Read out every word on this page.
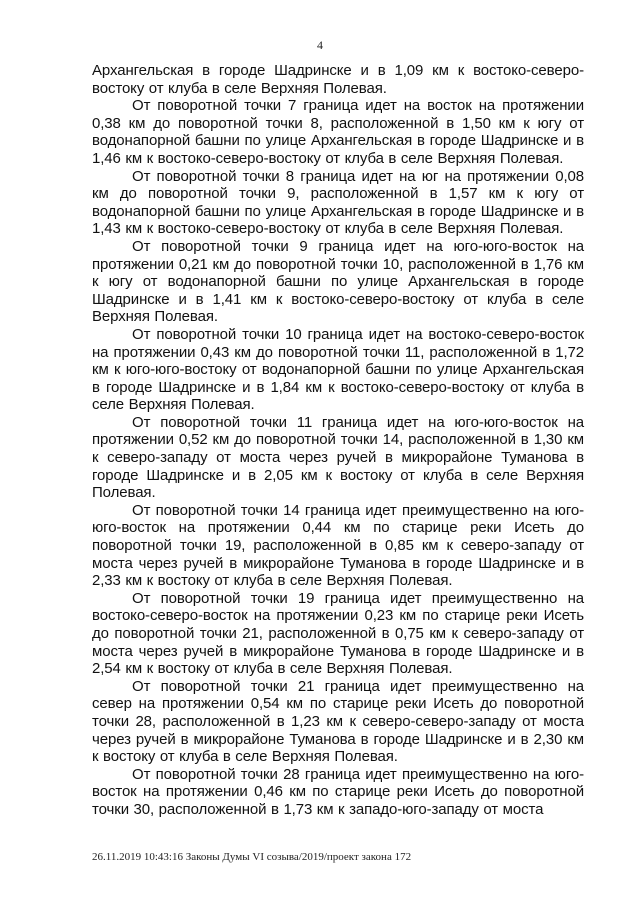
4

Архангельская в городе Шадринске и в 1,09 км к востоко-северо-востоку от клуба в селе Верхняя Полевая.

От поворотной точки 7 граница идет на восток на протяжении 0,38 км до поворотной точки 8, расположенной в 1,50 км к югу от водонапорной башни по улице Архангельская в городе Шадринске и в 1,46 км к востоко-северо-востоку от клуба в селе Верхняя Полевая.

От поворотной точки 8 граница идет на юг на протяжении 0,08 км до поворотной точки 9, расположенной в 1,57 км к югу от водонапорной башни по улице Архангельская в городе Шадринске и в 1,43 км к востоко-северо-востоку от клуба в селе Верхняя Полевая.

От поворотной точки 9 граница идет на юго-юго-восток на протяжении 0,21 км до поворотной точки 10, расположенной в 1,76 км к югу от водонапорной башни по улице Архангельская в городе Шадринске и в 1,41 км к востоко-северо-востоку от клуба в селе Верхняя Полевая.

От поворотной точки 10 граница идет на востоко-северо-восток на протяжении 0,43 км до поворотной точки 11, расположенной в 1,72 км к юго-юго-востоку от водонапорной башни по улице Архангельская в городе Шадринске и в 1,84 км к востоко-северо-востоку от клуба в селе Верхняя Полевая.

От поворотной точки 11 граница идет на юго-юго-восток на протяжении 0,52 км до поворотной точки 14, расположенной в 1,30 км к северо-западу от моста через ручей в микрорайоне Туманова в городе Шадринске и в 2,05 км к востоку от клуба в селе Верхняя Полевая.

От поворотной точки 14 граница идет преимущественно на юго-юго-восток на протяжении 0,44 км по старице реки Исеть до поворотной точки 19, расположенной в 0,85 км к северо-западу от моста через ручей в микрорайоне Туманова в городе Шадринске и в 2,33 км к востоку от клуба в селе Верхняя Полевая.

От поворотной точки 19 граница идет преимущественно на востоко-северо-восток на протяжении 0,23 км по старице реки Исеть до поворотной точки 21, расположенной в 0,75 км к северо-западу от моста через ручей в микрорайоне Туманова в городе Шадринске и в 2,54 км к востоку от клуба в селе Верхняя Полевая.

От поворотной точки 21 граница идет преимущественно на север на протяжении 0,54 км по старице реки Исеть до поворотной точки 28, расположенной в 1,23 км к северо-северо-западу от моста через ручей в микрорайоне Туманова в городе Шадринске и в 2,30 км к востоку от клуба в селе Верхняя Полевая.

От поворотной точки 28 граница идет преимущественно на юго-восток на протяжении 0,46 км по старице реки Исеть до поворотной точки 30, расположенной в 1,73 км к западо-юго-западу от моста

26.11.2019 10:43:16 Законы Думы VI созыва/2019/проект закона 172
